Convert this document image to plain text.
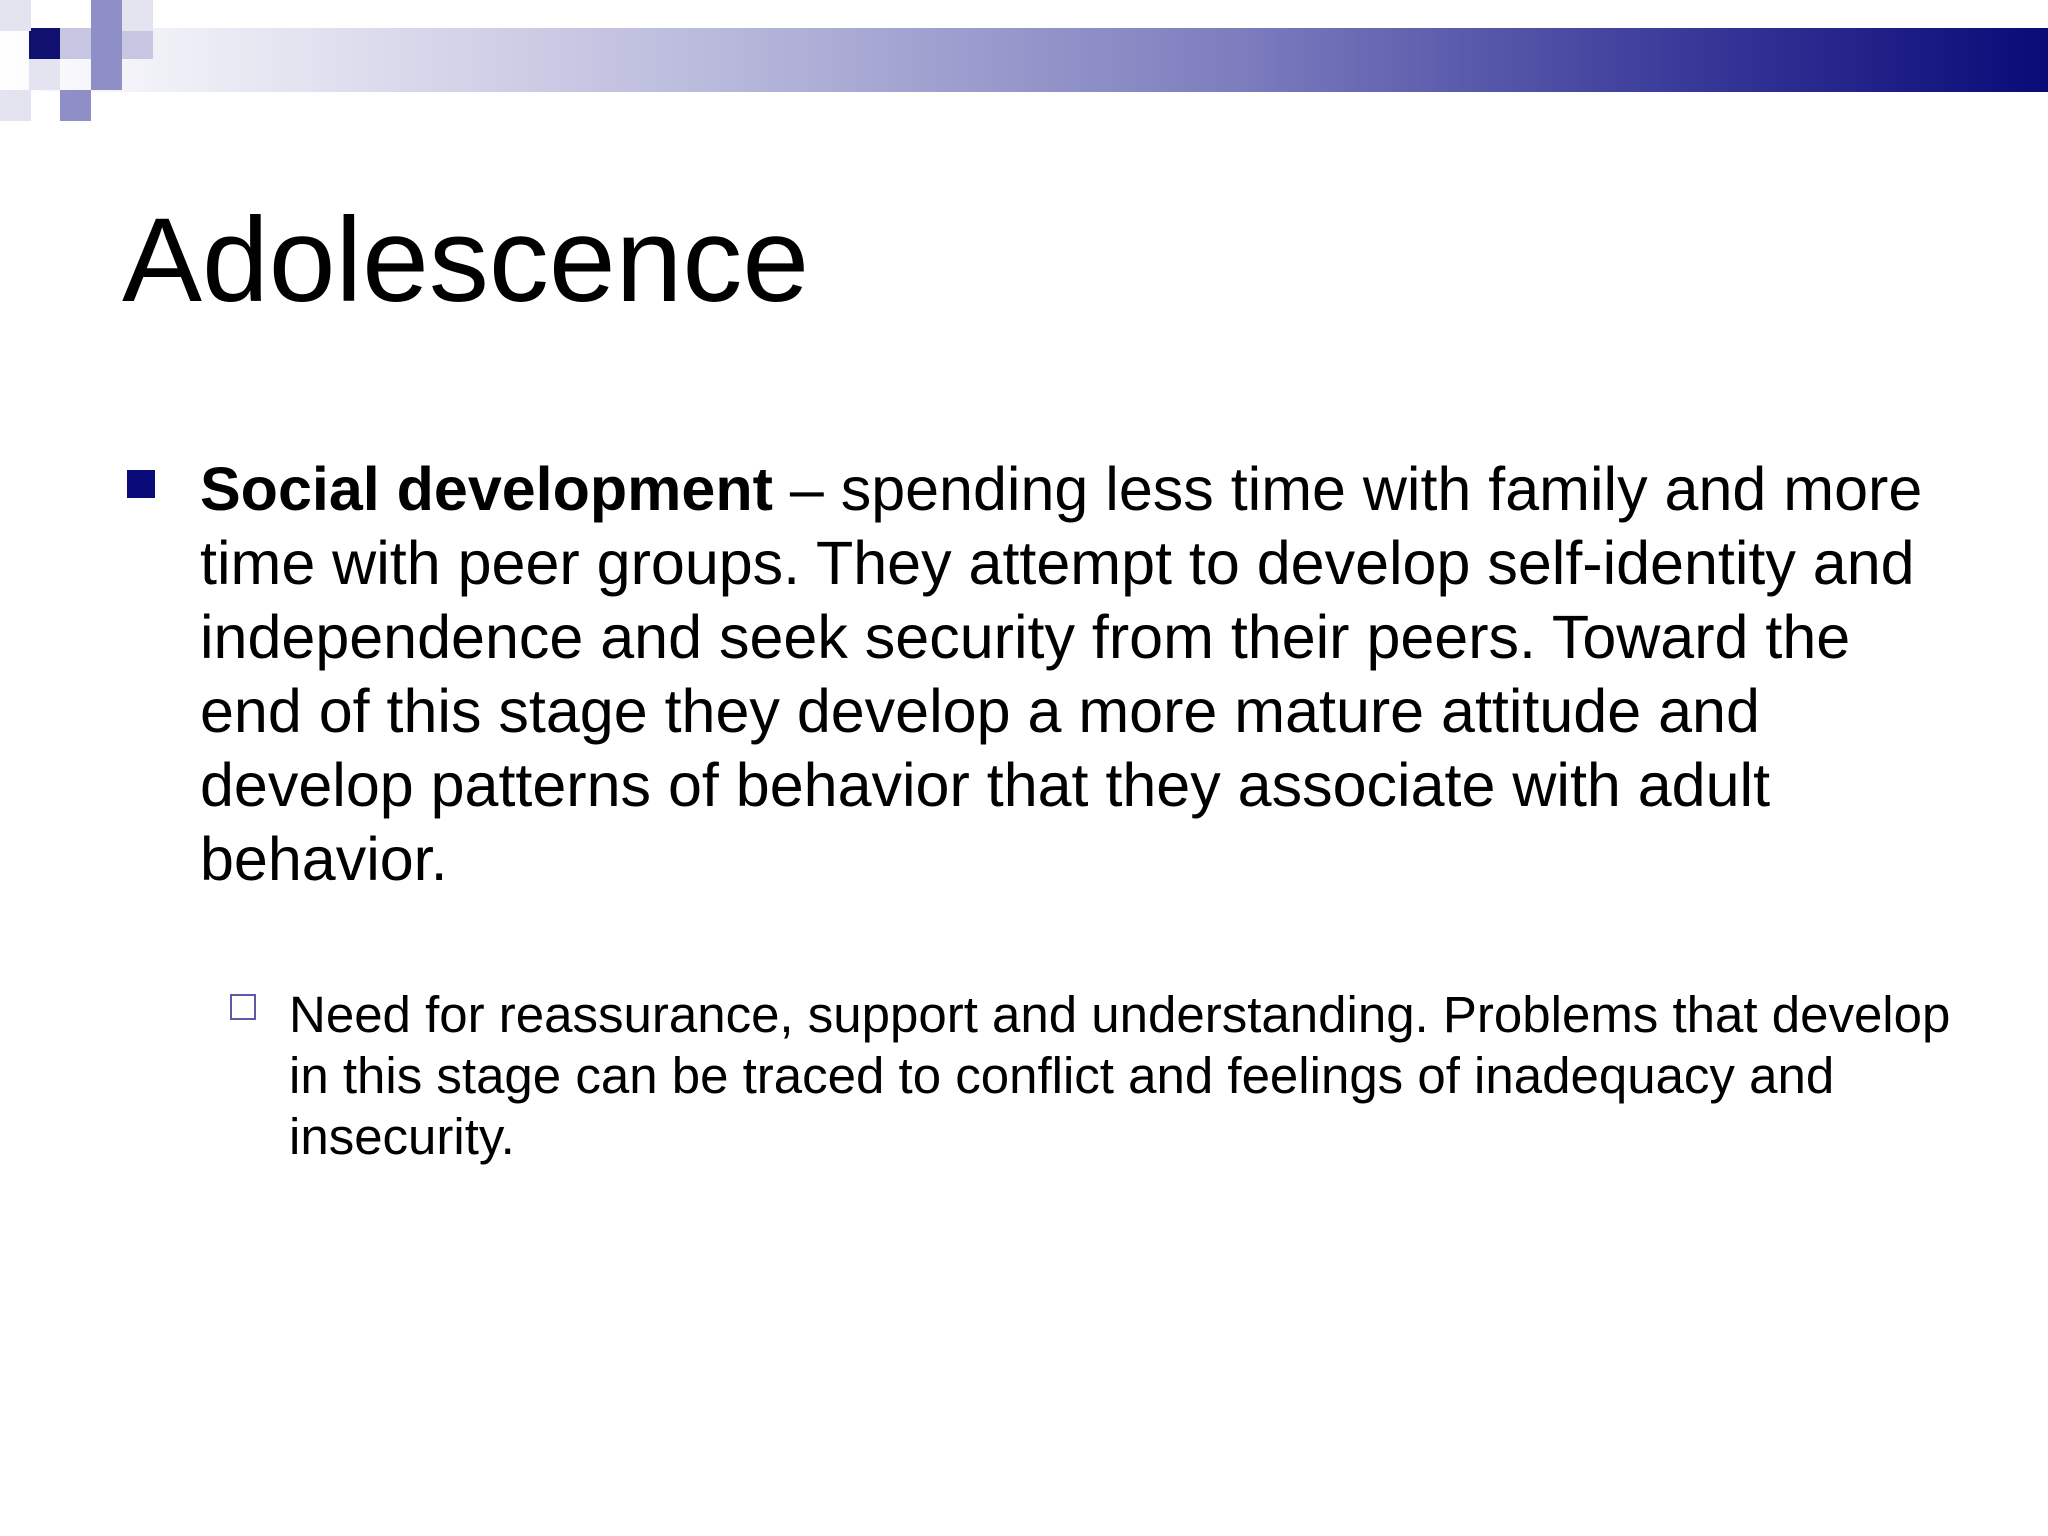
Adolescence
Social development – spending less time with family and more time with peer groups. They attempt to develop self-identity and independence and seek security from their peers. Toward the end of this stage they develop a more mature attitude and develop patterns of behavior that they associate with adult behavior.
Need for reassurance, support and understanding. Problems that develop in this stage can be traced to conflict and feelings of inadequacy and insecurity.
